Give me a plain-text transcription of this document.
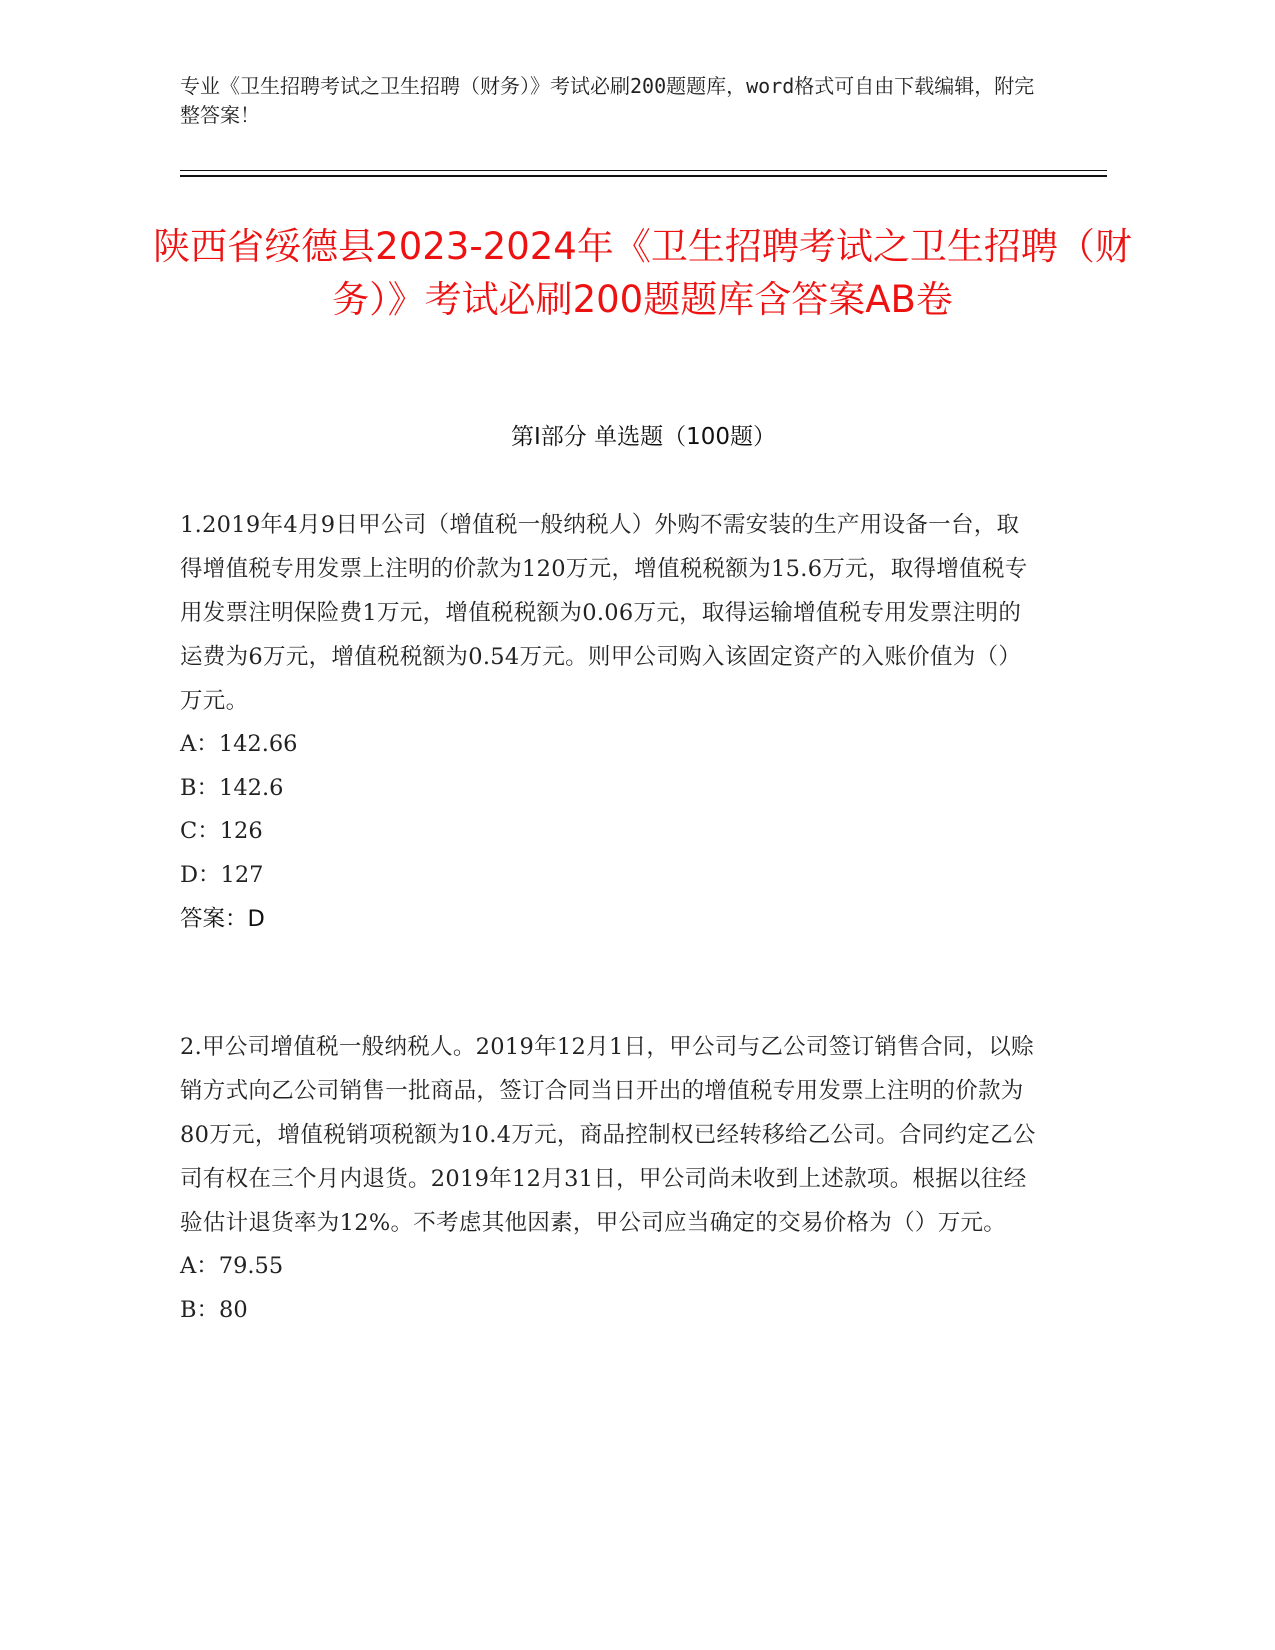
专业《卫生招聘考试之卫生招聘（财务）》考试必刷200题题库，word格式可自由下载编辑，附完整答案！
陕西省绥德县2023-2024年《卫生招聘考试之卫生招聘（财务）》考试必刷200题题库含答案AB卷
第Ⅰ部分 单选题（100题）

1.2019年4月9日甲公司（增值税一般纳税人）外购不需安装的生产用设备一台，取得增值税专用发票上注明的价款为120万元，增值税税额为15.6万元，取得增值税专用发票注明保险费1万元，增值税税额为0.06万元，取得运输增值税专用发票注明的运费为6万元，增值税税额为0.54万元。则甲公司购入该固定资产的入账价值为（）万元。

A：142.66

B：142.6

C：126

D：127

答案：D

2.甲公司增值税一般纳税人。2019年12月1日，甲公司与乙公司签订销售合同，以赊销方式向乙公司销售一批商品，签订合同当日开出的增值税专用发票上注明的价款为80万元，增值税销项税额为10.4万元，商品控制权已经转移给乙公司。合同约定乙公司有权在三个月内退货。2019年12月31日，甲公司尚未收到上述款项。根据以往经验估计退货率为12%。不考虑其他因素，甲公司应当确定的交易价格为（）万元。

A：79.55

B：80
